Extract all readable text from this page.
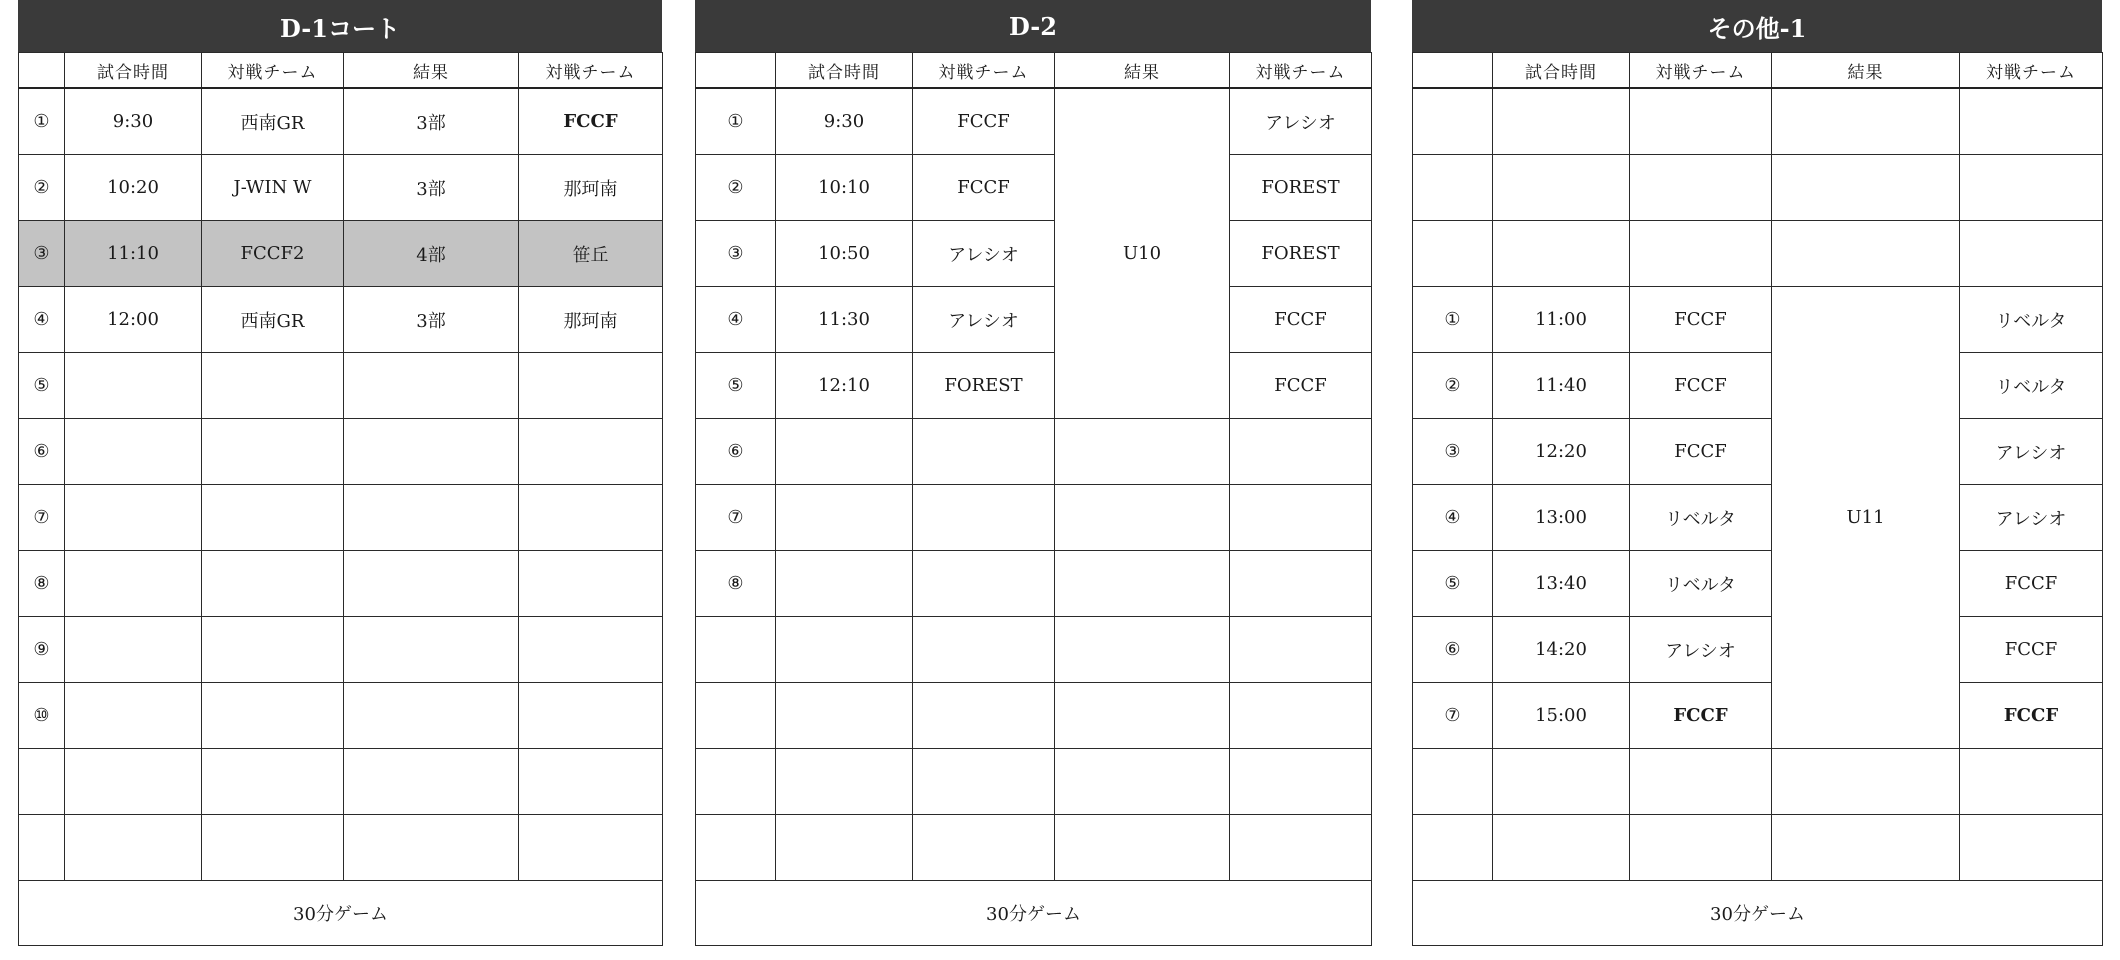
D-1コート
	試合時間	対戦チーム	結果	対戦チーム
①	9:30	西南GR	3部	FCCF
②	10:20	J-WIN W	3部	那珂南
③	11:10	FCCF2	4部	笹丘
④	12:00	西南GR	3部	那珂南
⑤				
⑥				
⑦				
⑧				
⑨				
⑩				

30分ゲーム				
D-2
	試合時間	対戦チーム	結果	対戦チーム
①	9:30	FCCF	U10	アレシオ
②	10:10	FCCF		FOREST
③	10:50	アレシオ		FOREST
④	11:30	アレシオ		FCCF
⑤	12:10	FOREST		FCCF
⑥				
⑦				
⑧				

30分ゲーム				
その他-1
	試合時間	対戦チーム	結果	対戦チーム

①	11:00	FCCF	U11	リベルタ
②	11:40	FCCF		リベルタ
③	12:20	FCCF		アレシオ
④	13:00	リベルタ		アレシオ
⑤	13:40	リベルタ		FCCF
⑥	14:20	アレシオ		FCCF
⑦	15:00	FCCF		FCCF

30分ゲーム				
